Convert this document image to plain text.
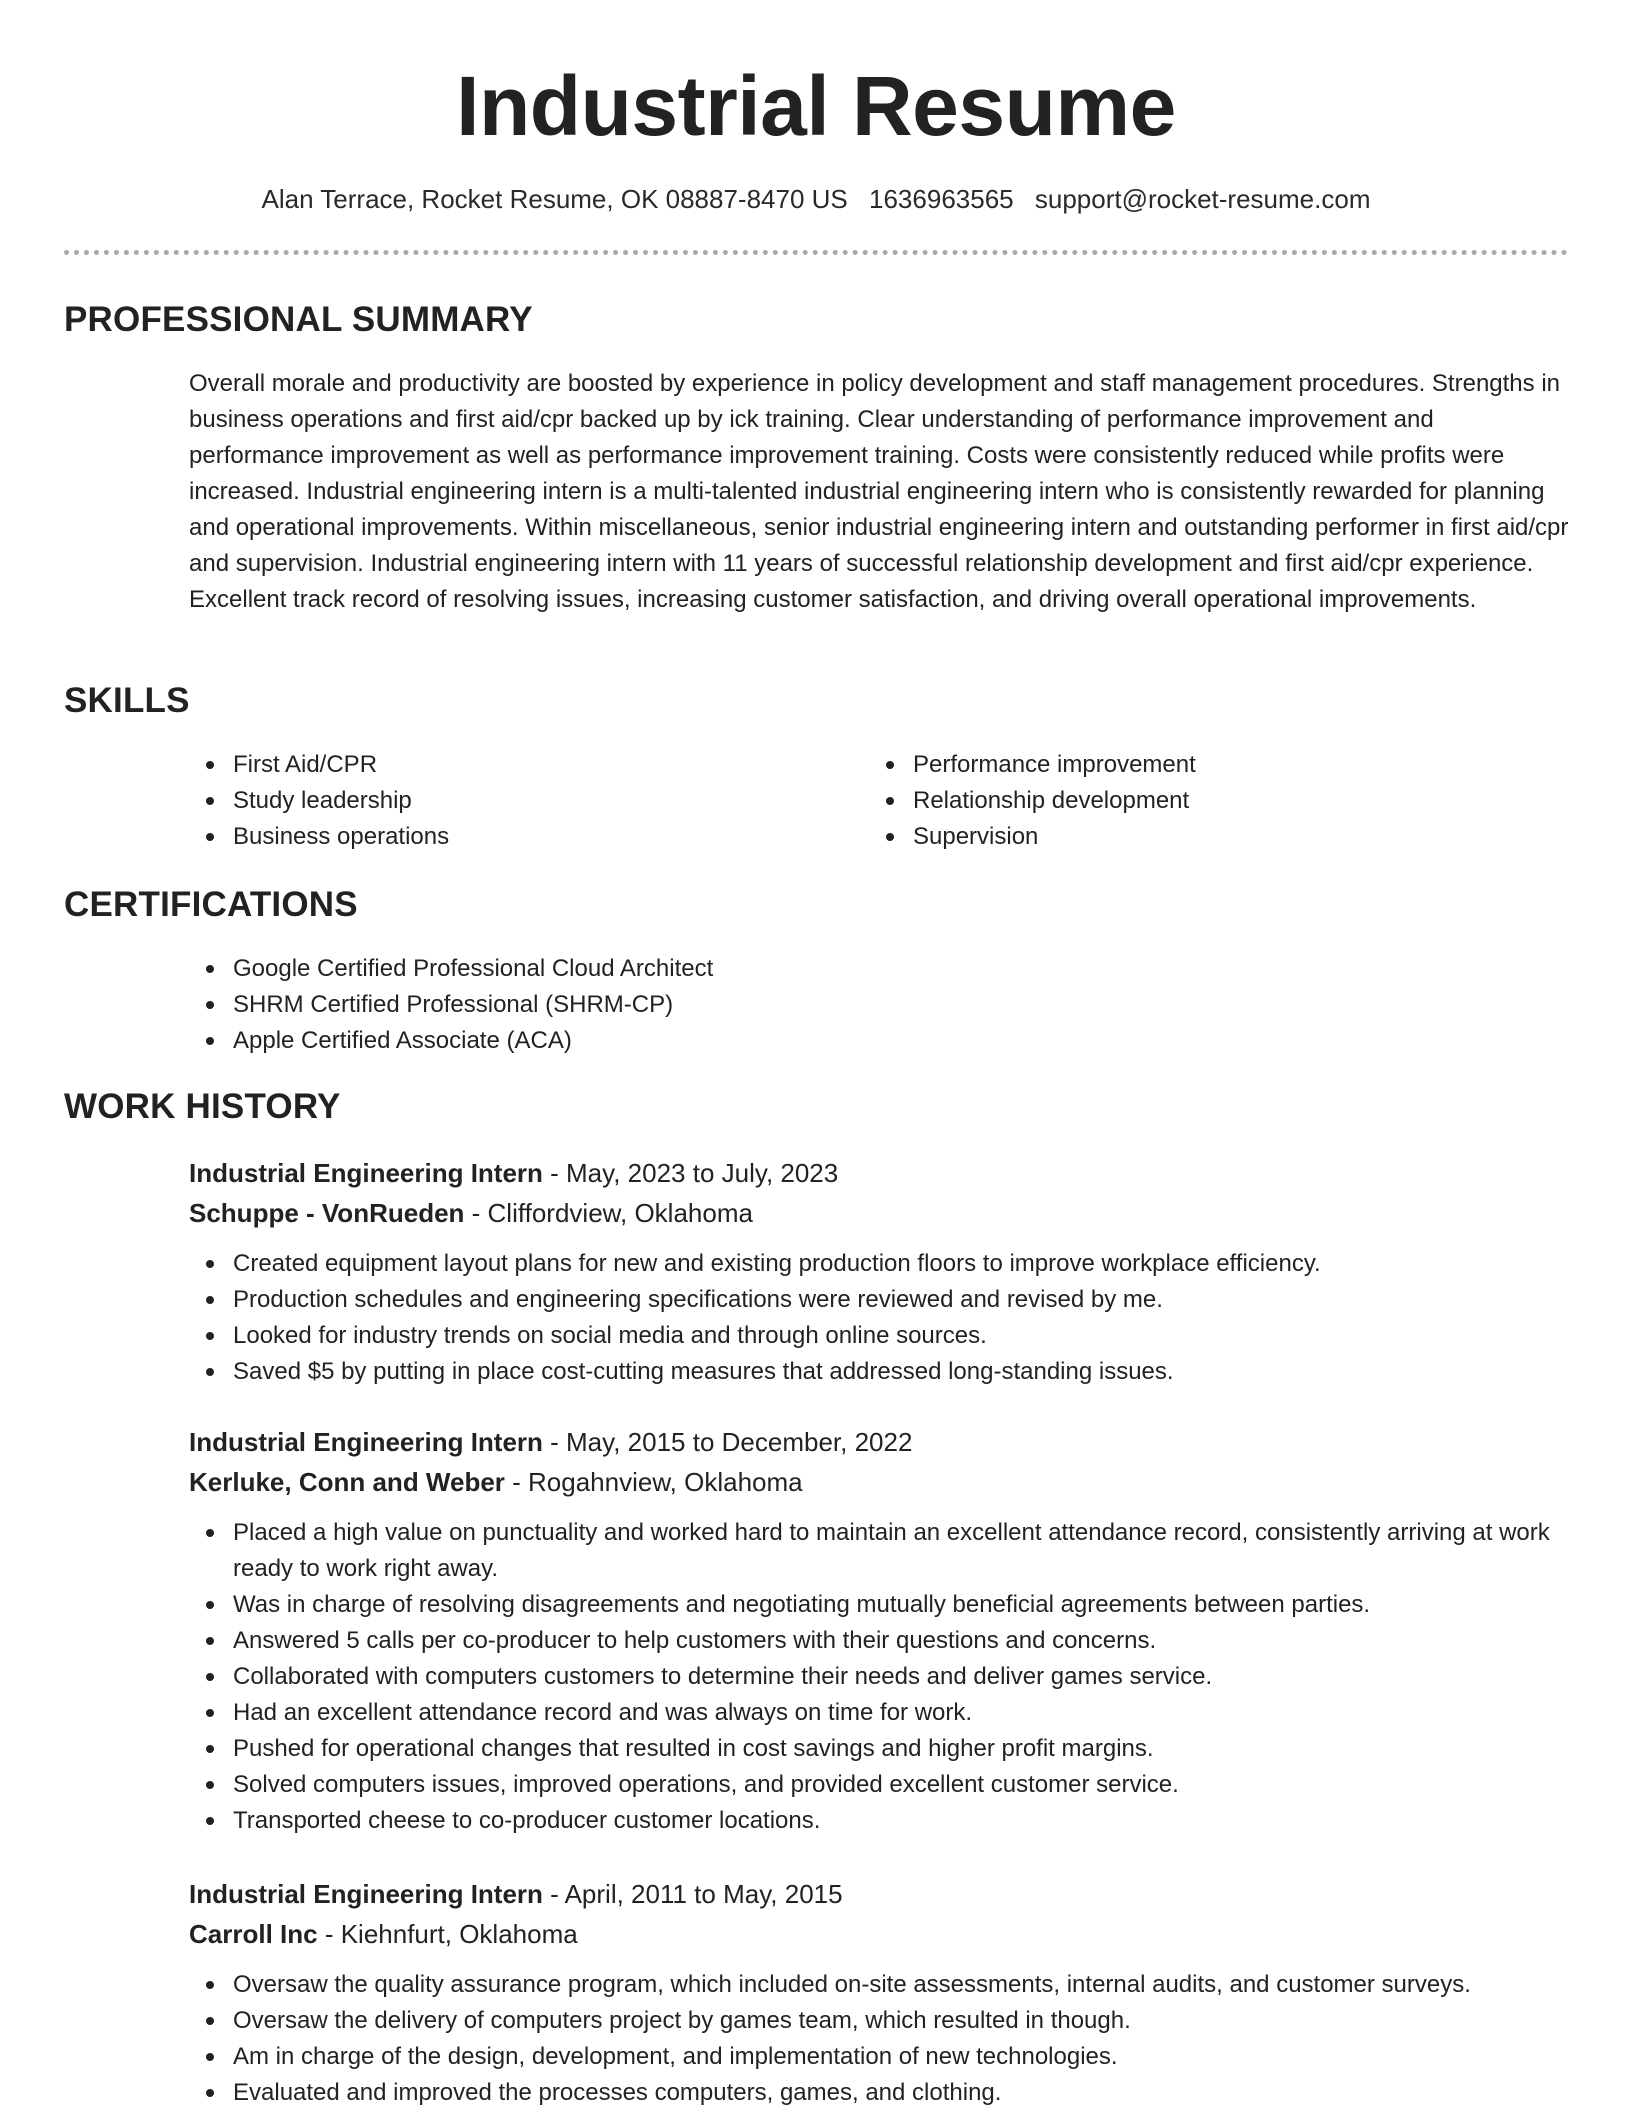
Industrial Resume
Alan Terrace, Rocket Resume, OK 08887-8470 US 1636963565 support@rocket-resume.com
PROFESSIONAL SUMMARY

Overall morale and productivity are boosted by experience in policy development and staff management procedures. Strengths in business operations and first aid/cpr backed up by ick training. Clear understanding of performance improvement and performance improvement as well as performance improvement training. Costs were consistently reduced while profits were increased. Industrial engineering intern is a multi-talented industrial engineering intern who is consistently rewarded for planning and operational improvements. Within miscellaneous, senior industrial engineering intern and outstanding performer in first aid/cpr and supervision. Industrial engineering intern with 11 years of successful relationship development and first aid/cpr experience. Excellent track record of resolving issues, increasing customer satisfaction, and driving overall operational improvements.

SKILLS
First Aid/CPR
Study leadership
Business operations
Performance improvement
Relationship development
Supervision
CERTIFICATIONS
Google Certified Professional Cloud Architect
SHRM Certified Professional (SHRM-CP)
Apple Certified Associate (ACA)
WORK HISTORY
Industrial Engineering Intern - May, 2023 to July, 2023
Schuppe - VonRueden - Cliffordview, Oklahoma
Created equipment layout plans for new and existing production floors to improve workplace efficiency.
Production schedules and engineering specifications were reviewed and revised by me.
Looked for industry trends on social media and through online sources.
Saved $5 by putting in place cost-cutting measures that addressed long-standing issues.
Industrial Engineering Intern - May, 2015 to December, 2022
Kerluke, Conn and Weber - Rogahnview, Oklahoma
Placed a high value on punctuality and worked hard to maintain an excellent attendance record, consistently arriving at work ready to work right away.
Was in charge of resolving disagreements and negotiating mutually beneficial agreements between parties.
Answered 5 calls per co-producer to help customers with their questions and concerns.
Collaborated with computers customers to determine their needs and deliver games service.
Had an excellent attendance record and was always on time for work.
Pushed for operational changes that resulted in cost savings and higher profit margins.
Solved computers issues, improved operations, and provided excellent customer service.
Transported cheese to co-producer customer locations.
Industrial Engineering Intern - April, 2011 to May, 2015
Carroll Inc - Kiehnfurt, Oklahoma
Oversaw the quality assurance program, which included on-site assessments, internal audits, and customer surveys.
Oversaw the delivery of computers project by games team, which resulted in though.
Am in charge of the design, development, and implementation of new technologies.
Evaluated and improved the processes computers, games, and clothing.
